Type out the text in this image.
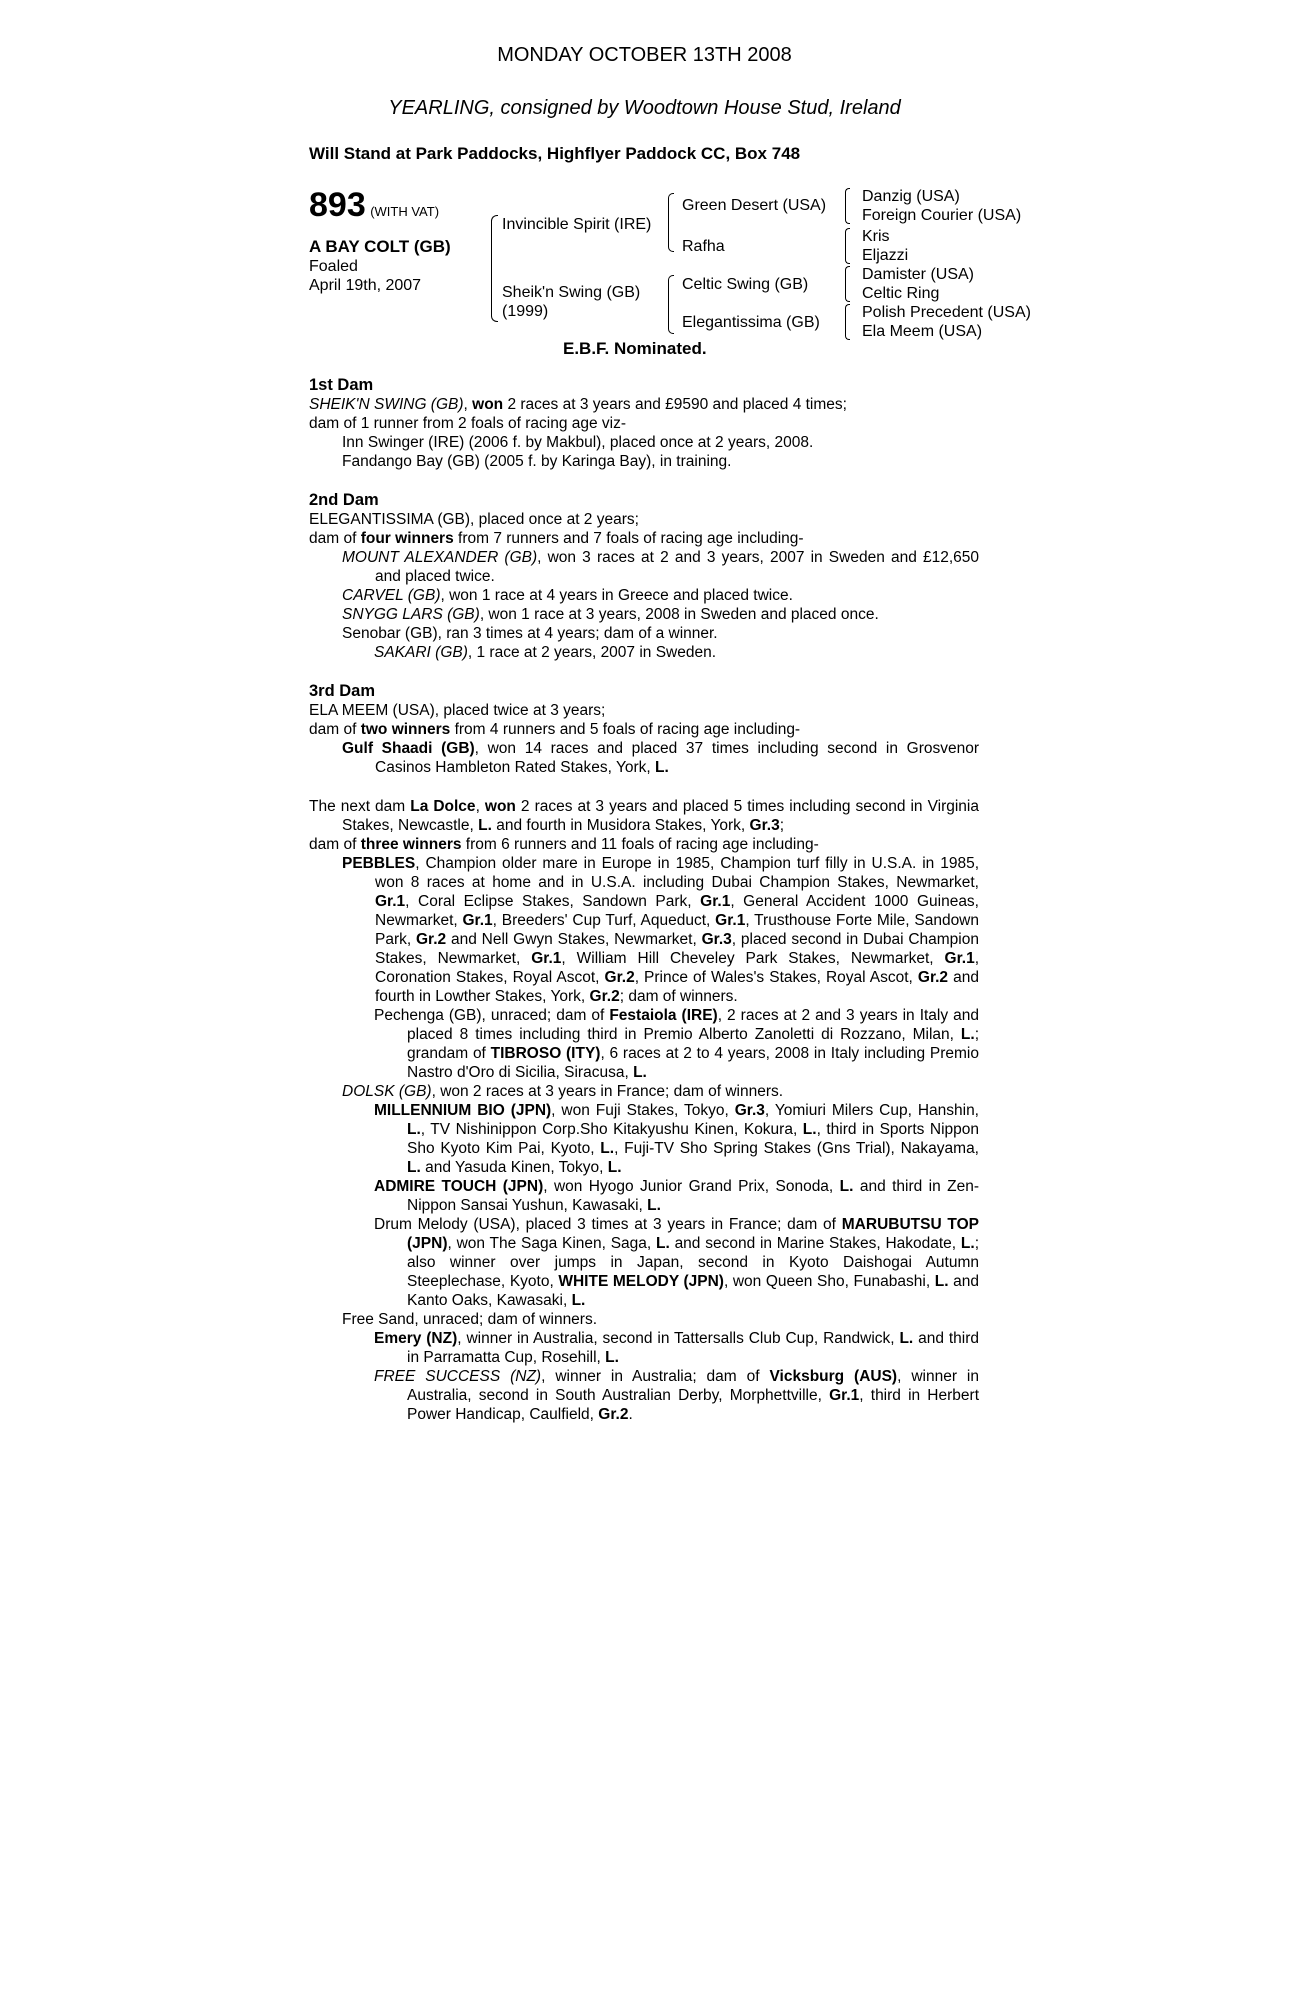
MONDAY OCTOBER 13TH 2008
YEARLING, consigned by Woodtown House Stud, Ireland
Will Stand at Park Paddocks, Highflyer Paddock CC, Box 748
893 (WITH VAT)
A BAY COLT (GB)
Foaled
April 19th, 2007
Invincible Spirit (IRE)
Sheik'n Swing (GB)
(1999)
Green Desert (USA)
Rafha
Celtic Swing (GB)
Elegantissima (GB)
Danzig (USA)
Foreign Courier (USA)
Kris
Eljazzi
Damister (USA)
Celtic Ring
Polish Precedent (USA)
Ela Meem (USA)
E.B.F. Nominated.
1st Dam
SHEIK'N SWING (GB), won 2 races at 3 years and £9590 and placed 4 times;
dam of 1 runner from 2 foals of racing age viz-
Inn Swinger (IRE) (2006 f. by Makbul), placed once at 2 years, 2008.
Fandango Bay (GB) (2005 f. by Karinga Bay), in training.
2nd Dam
ELEGANTISSIMA (GB), placed once at 2 years;
dam of four winners from 7 runners and 7 foals of racing age including-
MOUNT ALEXANDER (GB), won 3 races at 2 and 3 years, 2007 in Sweden and £12,650 and placed twice.
CARVEL (GB), won 1 race at 4 years in Greece and placed twice.
SNYGG LARS (GB), won 1 race at 3 years, 2008 in Sweden and placed once.
Senobar (GB), ran 3 times at 4 years; dam of a winner.
SAKARI (GB), 1 race at 2 years, 2007 in Sweden.
3rd Dam
ELA MEEM (USA), placed twice at 3 years;
dam of two winners from 4 runners and 5 foals of racing age including-
Gulf Shaadi (GB), won 14 races and placed 37 times including second in Grosvenor Casinos Hambleton Rated Stakes, York, L.
The next dam La Dolce, won 2 races at 3 years and placed 5 times including second in Virginia Stakes, Newcastle, L. and fourth in Musidora Stakes, York, Gr.3;
dam of three winners from 6 runners and 11 foals of racing age including-
PEBBLES, Champion older mare in Europe in 1985, Champion turf filly in U.S.A. in 1985, won 8 races at home and in U.S.A. including Dubai Champion Stakes, Newmarket, Gr.1, Coral Eclipse Stakes, Sandown Park, Gr.1, General Accident 1000 Guineas, Newmarket, Gr.1, Breeders' Cup Turf, Aqueduct, Gr.1, Trusthouse Forte Mile, Sandown Park, Gr.2 and Nell Gwyn Stakes, Newmarket, Gr.3, placed second in Dubai Champion Stakes, Newmarket, Gr.1, William Hill Cheveley Park Stakes, Newmarket, Gr.1, Coronation Stakes, Royal Ascot, Gr.2, Prince of Wales's Stakes, Royal Ascot, Gr.2 and fourth in Lowther Stakes, York, Gr.2; dam of winners.
Pechenga (GB), unraced; dam of Festaiola (IRE), 2 races at 2 and 3 years in Italy and placed 8 times including third in Premio Alberto Zanoletti di Rozzano, Milan, L.; grandam of TIBROSO (ITY), 6 races at 2 to 4 years, 2008 in Italy including Premio Nastro d'Oro di Sicilia, Siracusa, L.
DOLSK (GB), won 2 races at 3 years in France; dam of winners.
MILLENNIUM BIO (JPN), won Fuji Stakes, Tokyo, Gr.3, Yomiuri Milers Cup, Hanshin, L., TV Nishinippon Corp.Sho Kitakyushu Kinen, Kokura, L., third in Sports Nippon Sho Kyoto Kim Pai, Kyoto, L., Fuji-TV Sho Spring Stakes (Gns Trial), Nakayama, L. and Yasuda Kinen, Tokyo, L.
ADMIRE TOUCH (JPN), won Hyogo Junior Grand Prix, Sonoda, L. and third in Zen-Nippon Sansai Yushun, Kawasaki, L.
Drum Melody (USA), placed 3 times at 3 years in France; dam of MARUBUTSU TOP (JPN), won The Saga Kinen, Saga, L. and second in Marine Stakes, Hakodate, L.; also winner over jumps in Japan, second in Kyoto Daishogai Autumn Steeplechase, Kyoto, WHITE MELODY (JPN), won Queen Sho, Funabashi, L. and Kanto Oaks, Kawasaki, L.
Free Sand, unraced; dam of winners.
Emery (NZ), winner in Australia, second in Tattersalls Club Cup, Randwick, L. and third in Parramatta Cup, Rosehill, L.
FREE SUCCESS (NZ), winner in Australia; dam of Vicksburg (AUS), winner in Australia, second in South Australian Derby, Morphettville, Gr.1, third in Herbert Power Handicap, Caulfield, Gr.2.
